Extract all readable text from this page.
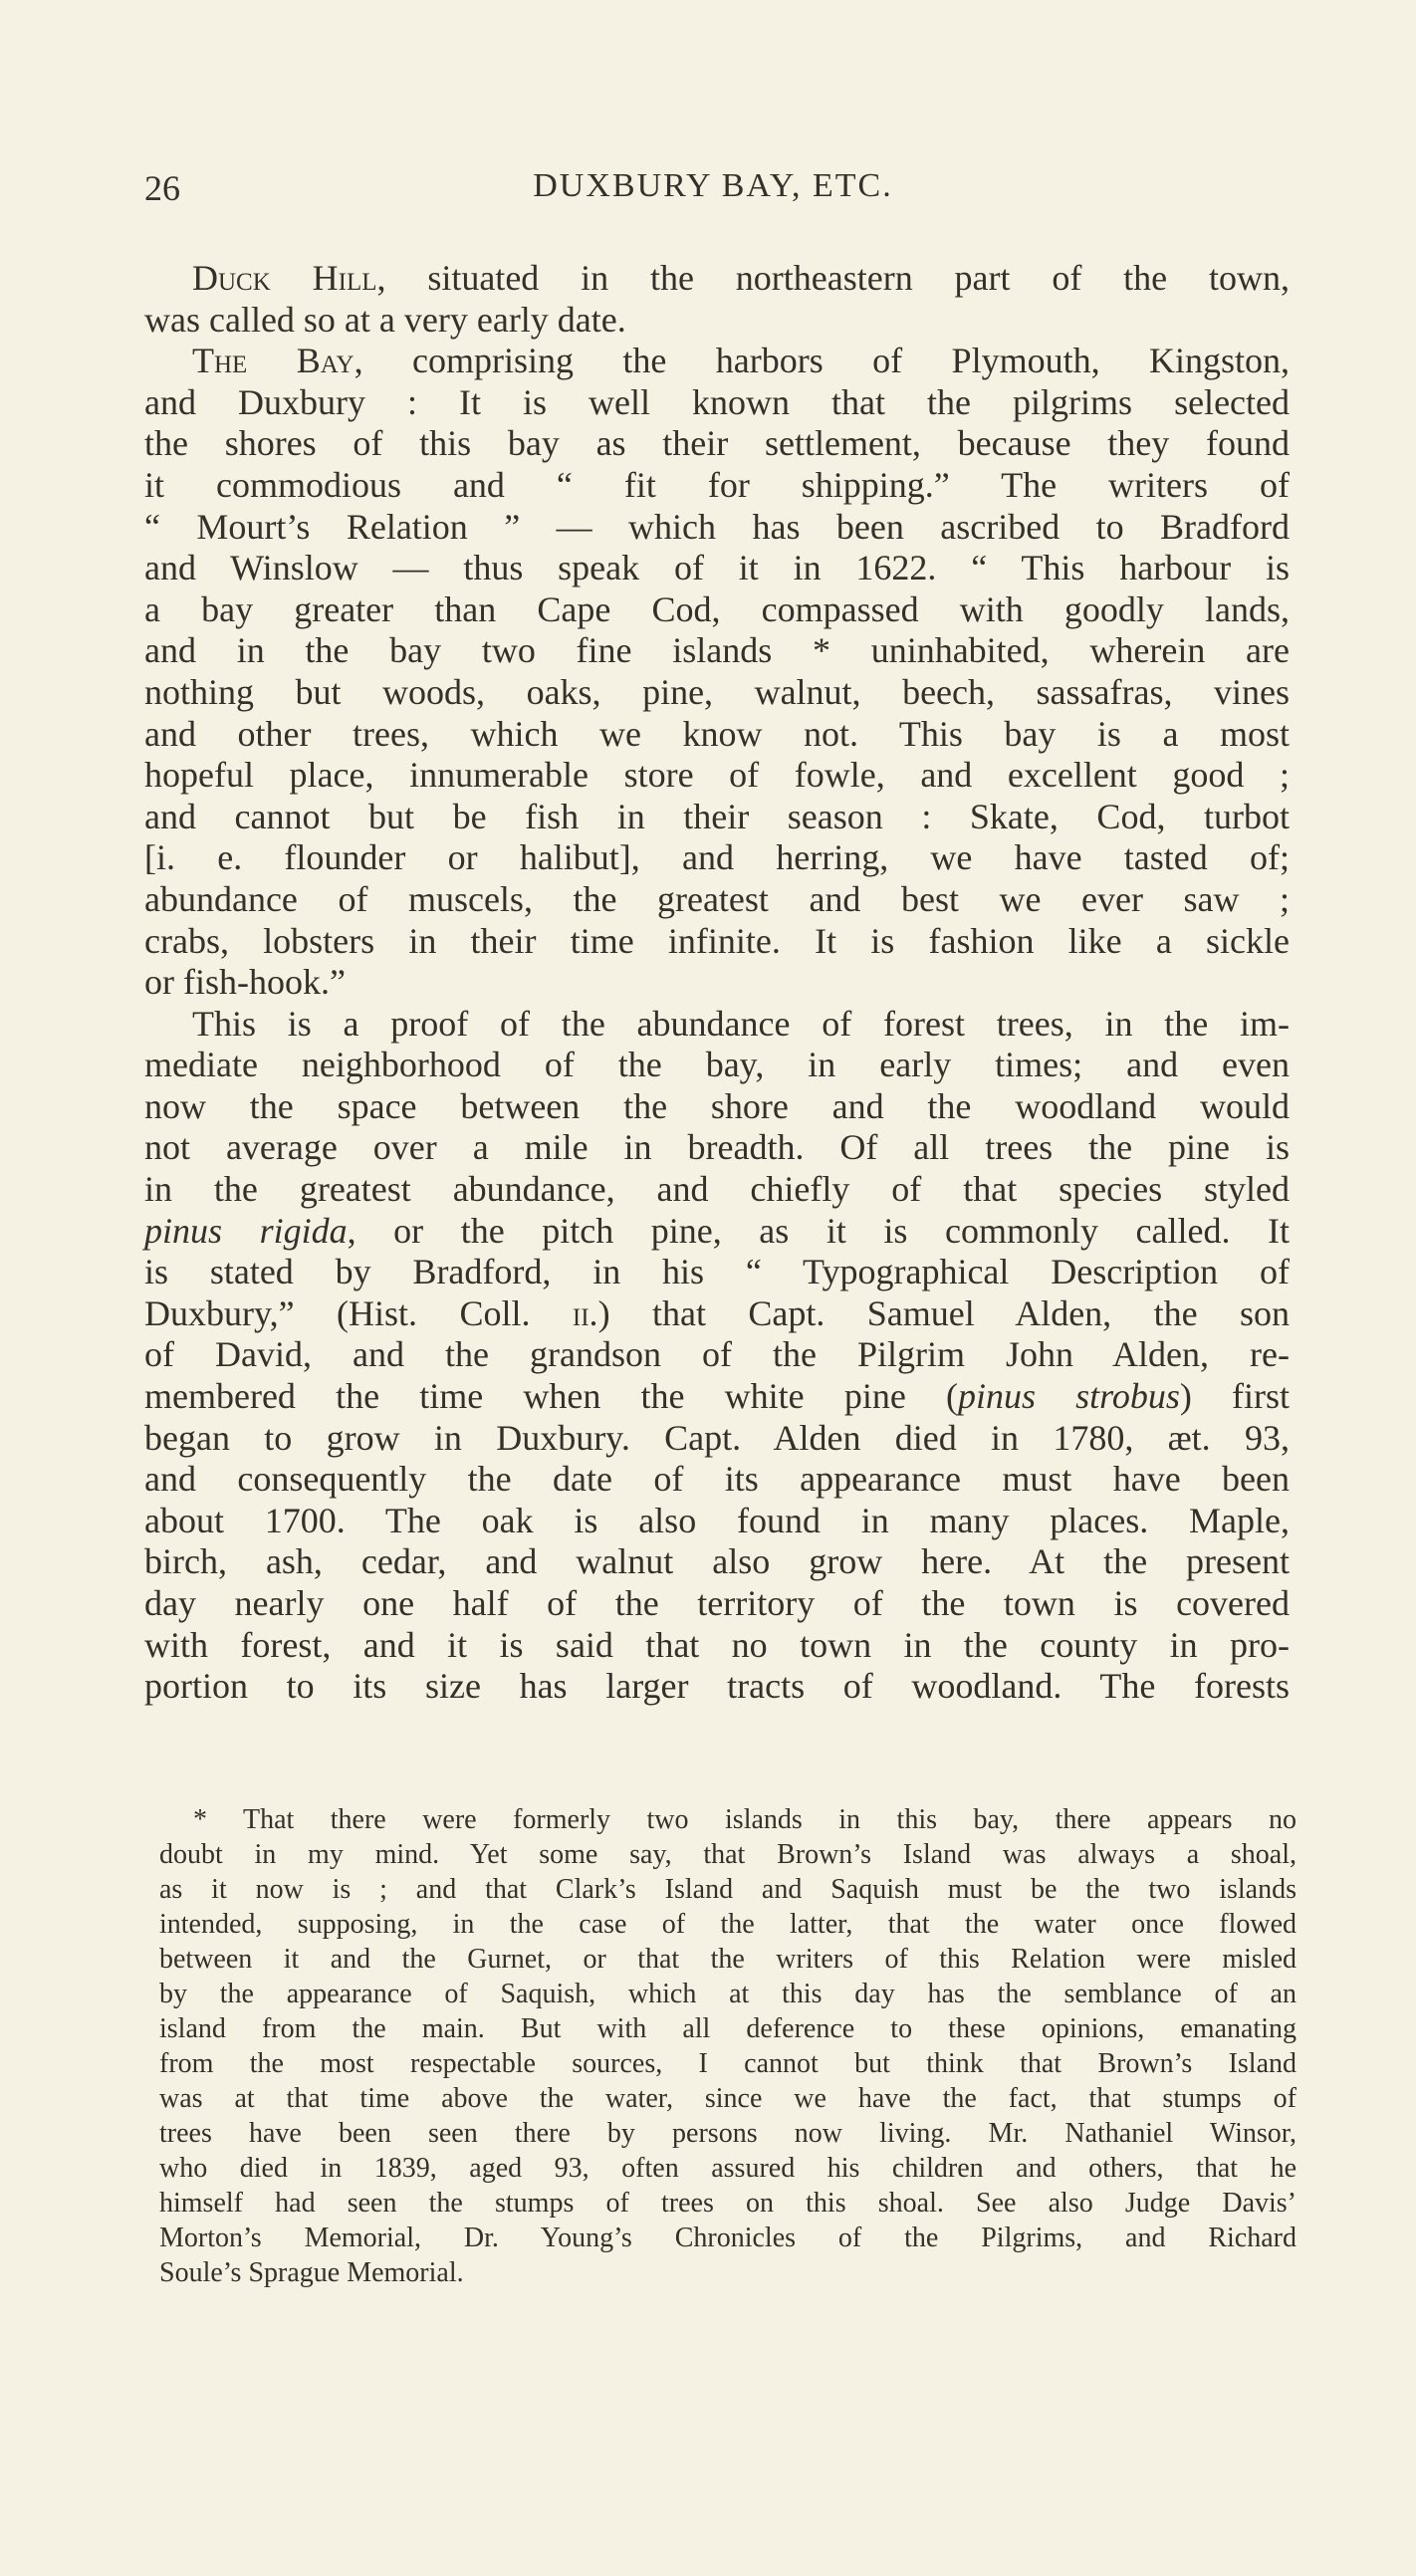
26	DUXBURY BAY, ETC.
Duck Hill, situated in the northeastern part of the town,
was called so at a very early date.
The Bay, comprising the harbors of Plymouth, Kingston,
and Duxbury : It is well known that the pilgrims selected
the shores of this bay as their settlement, because they found
it commodious and “ fit for shipping.” The writers of
“ Mourt’s Relation ” — which has been ascribed to Bradford
and Winslow — thus speak of it in 1622. “ This harbour is
a bay greater than Cape Cod, compassed with goodly lands,
and in the bay two fine islands * uninhabited, wherein are
nothing but woods, oaks, pine, walnut, beech, sassafras, vines
and other trees, which we know not. This bay is a most
hopeful place, innumerable store of fowle, and excellent good ;
and cannot but be fish in their season : Skate, Cod, turbot
[i. e. flounder or halibut], and herring, we have tasted of;
abundance of muscels, the greatest and best we ever saw ;
crabs, lobsters in their time infinite. It is fashion like a sickle
or fish-hook.”
This is a proof of the abundance of forest trees, in the im-
mediate neighborhood of the bay, in early times; and even
now the space between the shore and the woodland would
not average over a mile in breadth. Of all trees the pine is
in the greatest abundance, and chiefly of that species styled
pinus rigida, or the pitch pine, as it is commonly called. It
is stated by Bradford, in his “ Typographical Description of
Duxbury,” (Hist. Coll. ii.) that Capt. Samuel Alden, the son
of David, and the grandson of the Pilgrim John Alden, re-
membered the time when the white pine (pinus strobus) first
began to grow in Duxbury. Capt. Alden died in 1780, æt. 93,
and consequently the date of its appearance must have been
about 1700. The oak is also found in many places. Maple,
birch, ash, cedar, and walnut also grow here. At the present
day nearly one half of the territory of the town is covered
with forest, and it is said that no town in the county in pro-
portion to its size has larger tracts of woodland. The forests
* That there were formerly two islands in this bay, there appears no
doubt in my mind. Yet some say, that Brown’s Island was always a shoal,
as it now is ; and that Clark’s Island and Saquish must be the two islands
intended, supposing, in the case of the latter, that the water once flowed
between it and the Gurnet, or that the writers of this Relation were misled
by the appearance of Saquish, which at this day has the semblance of an
island from the main. But with all deference to these opinions, emanating
from the most respectable sources, I cannot but think that Brown’s Island
was at that time above the water, since we have the fact, that stumps of
trees have been seen there by persons now living. Mr. Nathaniel Winsor,
who died in 1839, aged 93, often assured his children and others, that he
himself had seen the stumps of trees on this shoal. See also Judge Davis’
Morton’s Memorial, Dr. Young’s Chronicles of the Pilgrims, and Richard
Soule’s Sprague Memorial.
